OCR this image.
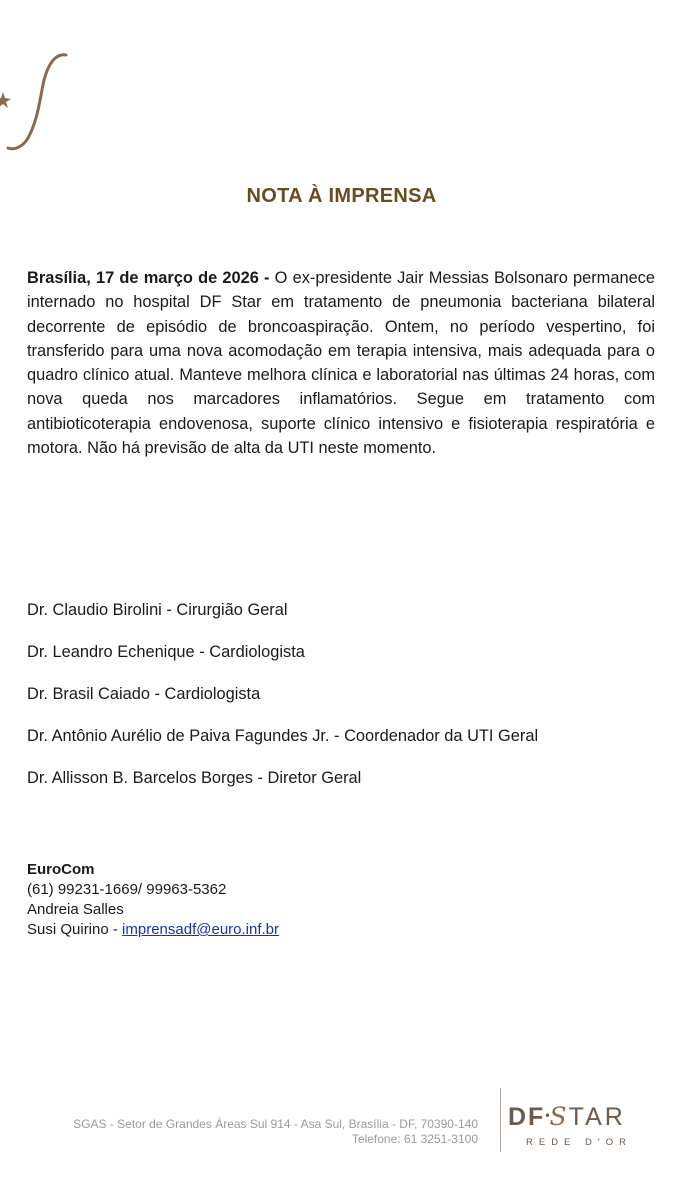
NOTA À IMPRENSA
Brasília, 17 de março de 2026 - O ex-presidente Jair Messias Bolsonaro permanece internado no hospital DF Star em tratamento de pneumonia bacteriana bilateral decorrente de episódio de broncoaspiração. Ontem, no período vespertino, foi transferido para uma nova acomodação em terapia intensiva, mais adequada para o quadro clínico atual. Manteve melhora clínica e laboratorial nas últimas 24 horas, com nova queda nos marcadores inflamatórios. Segue em tratamento com antibioticoterapia endovenosa, suporte clínico intensivo e fisioterapia respiratória e motora. Não há previsão de alta da UTI neste momento.
Dr. Claudio Birolini - Cirurgião Geral
Dr. Leandro Echenique - Cardiologista
Dr. Brasil Caiado - Cardiologista
Dr. Antônio Aurélio de Paiva Fagundes Jr. - Coordenador da UTI Geral
Dr. Allisson B. Barcelos Borges - Diretor Geral
EuroCom
(61) 99231-1669/ 99963-5362
Andreia Salles
Susi Quirino - imprensadf@euro.inf.br
SGAS - Setor de Grandes Áreas Sul 914 - Asa Sul, Brasília - DF, 70390-140
Telefone: 61 3251-3100
DF•STAR
REDE D'OR
